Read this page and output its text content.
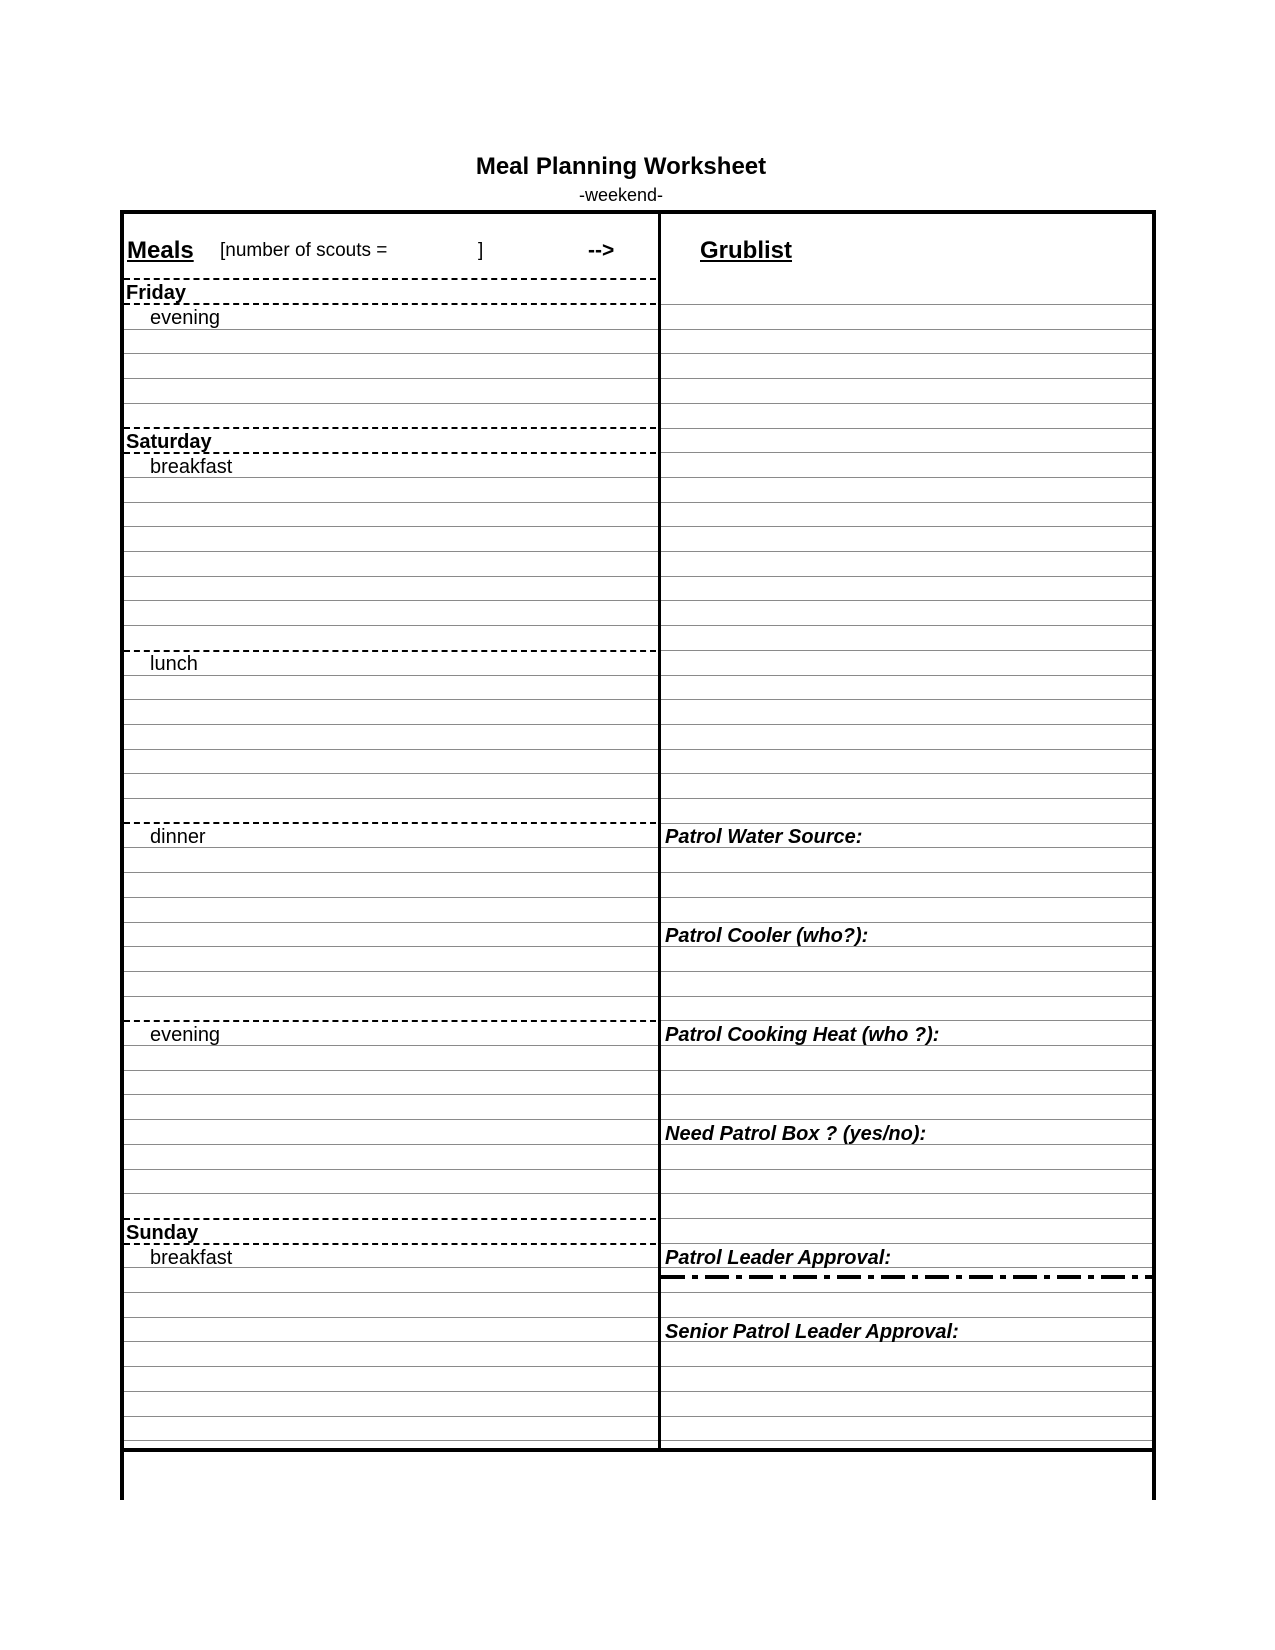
Meal Planning Worksheet
-weekend-
Meals [number of scouts =	]	-->	Grublist
Friday
evening
Saturday
breakfast
lunch
dinner
evening
Sunday
breakfast
Patrol Water Source:
Patrol Cooler (who?):
Patrol Cooking Heat (who ?):
Need Patrol Box ? (yes/no):
Patrol Leader Approval:
Senior Patrol Leader Approval:
